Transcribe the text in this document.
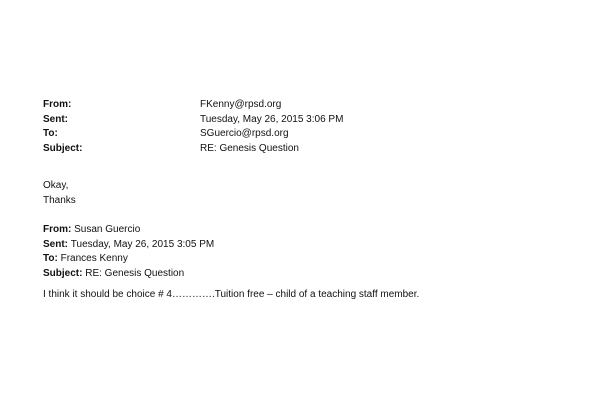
From:	FKenny@rpsd.org
Sent:	Tuesday, May 26, 2015 3:06 PM
To:	SGuercio@rpsd.org
Subject:	RE: Genesis Question
Okay,
Thanks
From: Susan Guercio
Sent: Tuesday, May 26, 2015 3:05 PM
To: Frances Kenny
Subject: RE: Genesis Question
I think it should be choice # 4………….Tuition free – child of a teaching staff member.
